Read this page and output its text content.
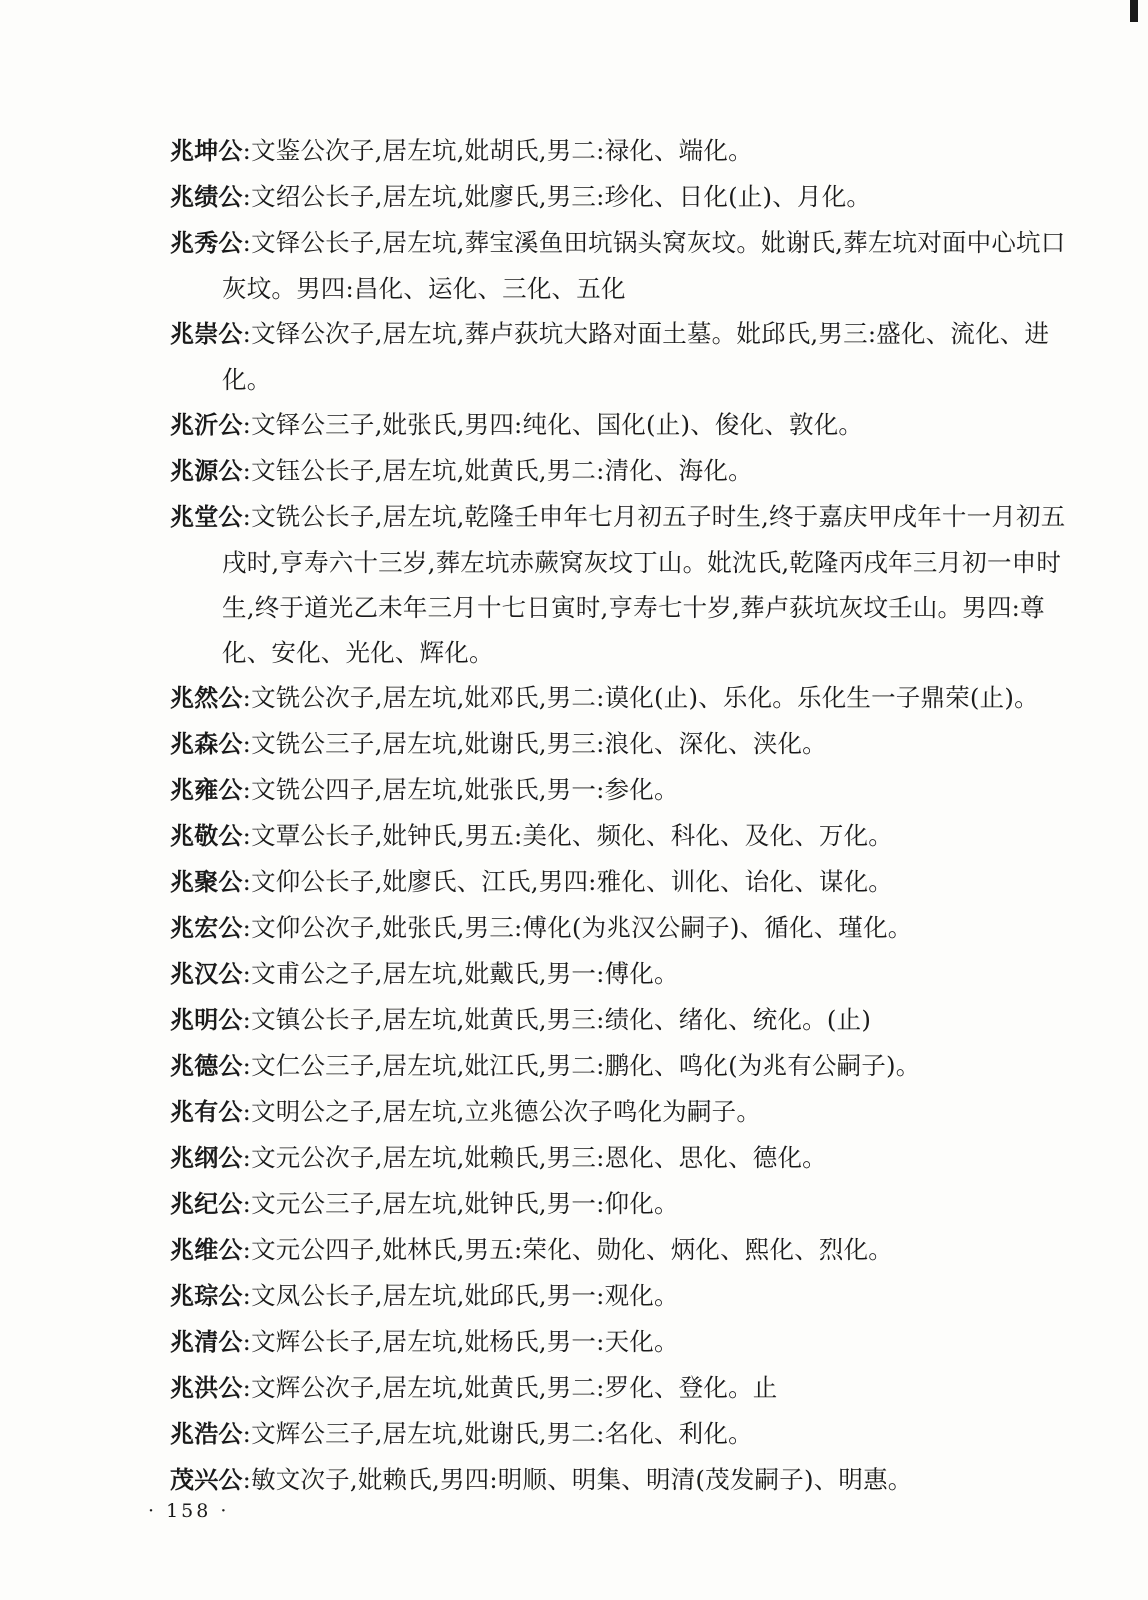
兆坤公:文鉴公次子,居左坑,妣胡氏,男二:禄化、端化。
兆绩公:文绍公长子,居左坑,妣廖氏,男三:珍化、日化(止)、月化。
兆秀公:文铎公长子,居左坑,葬宝溪鱼田坑锅头窝灰坟。妣谢氏,葬左坑对面中心坑口灰坟。男四:昌化、运化、三化、五化
兆崇公:文铎公次子,居左坑,葬卢荻坑大路对面土墓。妣邱氏,男三:盛化、流化、进化。
兆沂公:文铎公三子,妣张氏,男四:纯化、国化(止)、俊化、敦化。
兆源公:文钰公长子,居左坑,妣黄氏,男二:清化、海化。
兆堂公:文铣公长子,居左坑,乾隆壬申年七月初五子时生,终于嘉庆甲戌年十一月初五戌时,亨寿六十三岁,葬左坑赤蕨窝灰坟丁山。妣沈氏,乾隆丙戌年三月初一申时生,终于道光乙未年三月十七日寅时,亨寿七十岁,葬卢荻坑灰坟壬山。男四:尊化、安化、光化、辉化。
兆然公:文铣公次子,居左坑,妣邓氏,男二:谟化(止)、乐化。乐化生一子鼎荣(止)。
兆森公:文铣公三子,居左坑,妣谢氏,男三:浪化、深化、浃化。
兆雍公:文铣公四子,居左坑,妣张氏,男一:参化。
兆敬公:文覃公长子,妣钟氏,男五:美化、频化、科化、及化、万化。
兆聚公:文仰公长子,妣廖氏、江氏,男四:雅化、训化、诒化、谋化。
兆宏公:文仰公次子,妣张氏,男三:傅化(为兆汉公嗣子)、循化、瑾化。
兆汉公:文甫公之子,居左坑,妣戴氏,男一:傅化。
兆明公:文镇公长子,居左坑,妣黄氏,男三:绩化、绪化、统化。(止)
兆德公:文仁公三子,居左坑,妣江氏,男二:鹏化、鸣化(为兆有公嗣子)。
兆有公:文明公之子,居左坑,立兆德公次子鸣化为嗣子。
兆纲公:文元公次子,居左坑,妣赖氏,男三:恩化、思化、德化。
兆纪公:文元公三子,居左坑,妣钟氏,男一:仰化。
兆维公:文元公四子,妣林氏,男五:荣化、勋化、炳化、熙化、烈化。
兆琮公:文凤公长子,居左坑,妣邱氏,男一:观化。
兆清公:文辉公长子,居左坑,妣杨氏,男一:天化。
兆洪公:文辉公次子,居左坑,妣黄氏,男二:罗化、登化。止
兆浩公:文辉公三子,居左坑,妣谢氏,男二:名化、利化。
茂兴公:敏文次子,妣赖氏,男四:明顺、明集、明清(茂发嗣子)、明惠。
· 158 ·
